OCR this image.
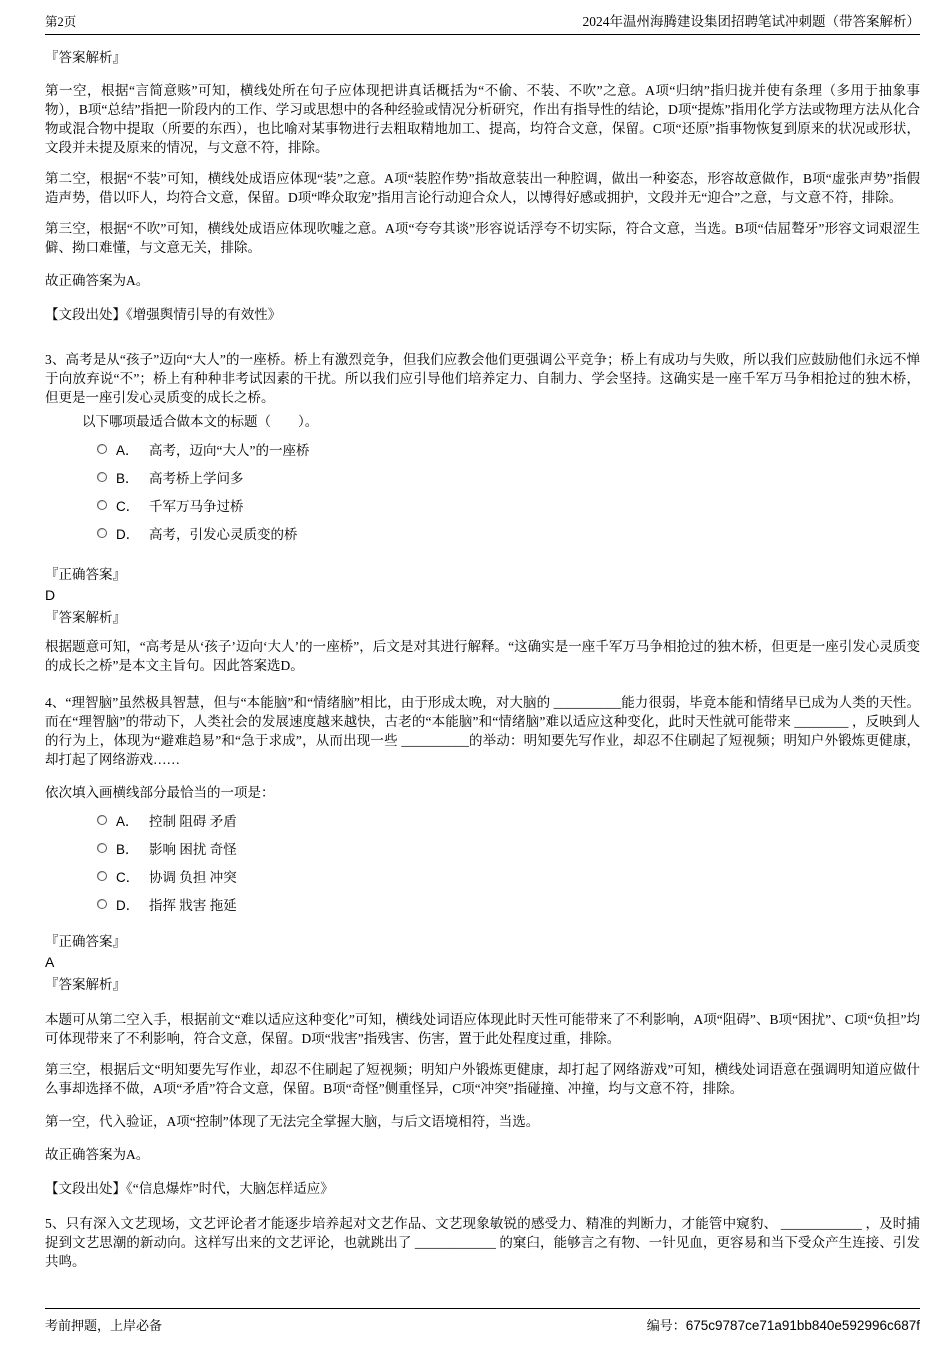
第2页	2024年温州海腾建设集团招聘笔试冲刺题（带答案解析）

『答案解析』

第一空，根据“言简意赅”可知，横线处所在句子应体现把讲真话概括为“不偷、不装、不吹”之意。A项“归纳”指归拢并使有条理（多用于抽象事物），B项“总结”指把一阶段内的工作、学习或思想中的各种经验或情况分析研究，作出有指导性的结论，D项“提炼”指用化学方法或物理方法从化合物或混合物中提取（所要的东西），也比喻对某事物进行去粗取精地加工、提高，均符合文意，保留。C项“还原”指事物恢复到原来的状况或形状，文段并未提及原来的情况，与文意不符，排除。

第二空，根据“不装”可知，横线处成语应体现“装”之意。A项“装腔作势”指故意装出一种腔调，做出一种姿态，形容故意做作，B项“虚张声势”指假造声势，借以吓人，均符合文意，保留。D项“哗众取宠”指用言论行动迎合众人，以博得好感或拥护，文段并无“迎合”之意，与文意不符，排除。

第三空，根据“不吹”可知，横线处成语应体现吹嘘之意。A项“夸夸其谈”形容说话浮夸不切实际，符合文意，当选。B项“佶屈聱牙”形容文词艰涩生僻、拗口难懂，与文意无关，排除。

故正确答案为A。

【文段出处】《增强舆情引导的有效性》

3、高考是从“孩子”迈向“大人”的一座桥。桥上有激烈竞争，但我们应教会他们更强调公平竞争；桥上有成功与失败，所以我们应鼓励他们永远不惮于向放弃说“不”；桥上有种种非考试因素的干扰。所以我们应引导他们培养定力、自制力、学会坚持。这确实是一座千军万马争相抢过的独木桥，但更是一座引发心灵质变的成长之桥。

以下哪项最适合做本文的标题（　　）。

A． 高考，迈向“大人”的一座桥
B． 高考桥上学问多
C． 千军万马争过桥
D． 高考，引发心灵质变的桥

『正确答案』

D

『答案解析』

根据题意可知，“高考是从‘孩子’迈向‘大人’的一座桥”，后文是对其进行解释。“这确实是一座千军万马争相抢过的独木桥，但更是一座引发心灵质变的成长之桥”是本文主旨句。因此答案选D。

4、“理智脑”虽然极具智慧，但与“本能脑”和“情绪脑”相比，由于形成太晚，对大脑的 __________能力很弱，毕竟本能和情绪早已成为人类的天性。而在“理智脑”的带动下，人类社会的发展速度越来越快，古老的“本能脑”和“情绪脑”难以适应这种变化，此时天性就可能带来 ________ ，反映到人的行为上，体现为“避难趋易”和“急于求成”，从而出现一些 __________的举动：明知要先写作业，却忍不住刷起了短视频；明知户外锻炼更健康，却打起了网络游戏……

依次填入画横线部分最恰当的一项是：

A． 控制 阻碍 矛盾
B． 影响 困扰 奇怪
C． 协调 负担 冲突
D． 指挥 戕害 拖延

『正确答案』

A

『答案解析』

本题可从第二空入手，根据前文“难以适应这种变化”可知，横线处词语应体现此时天性可能带来了不利影响，A项“阻碍”、B项“困扰”、C项“负担”均可体现带来了不利影响，符合文意，保留。D项“戕害”指残害、伤害，置于此处程度过重，排除。

第三空，根据后文“明知要先写作业，却忍不住刷起了短视频；明知户外锻炼更健康，却打起了网络游戏”可知，横线处词语意在强调明知道应做什么事却选择不做，A项“矛盾”符合文意，保留。B项“奇怪”侧重怪异，C项“冲突”指碰撞、冲撞，均与文意不符，排除。

第一空，代入验证，A项“控制”体现了无法完全掌握大脑，与后文语境相符，当选。

故正确答案为A。

【文段出处】《“信息爆炸”时代，大脑怎样适应》

5、只有深入文艺现场，文艺评论者才能逐步培养起对文艺作品、文艺现象敏锐的感受力、精准的判断力，才能管中窥豹、 ____________ ，及时捕捉到文艺思潮的新动向。这样写出来的文艺评论，也就跳出了 ____________ 的窠臼，能够言之有物、一针见血，更容易和当下受众产生连接、引发共鸣。

考前押题，上岸必备	编号：675c9787ce71a91bb840e592996c687f
